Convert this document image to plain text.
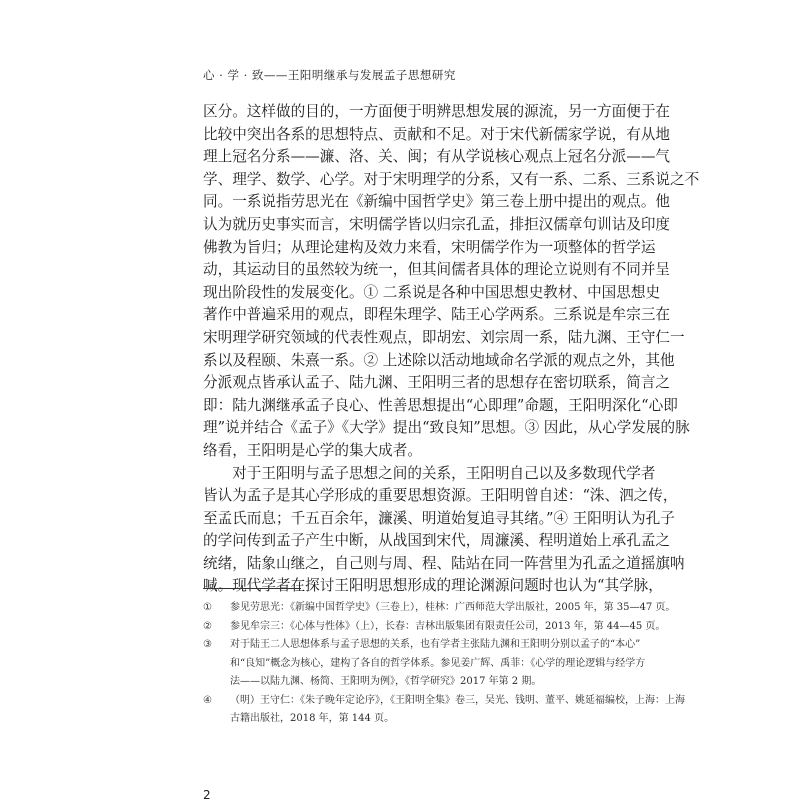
心 · 学 · 致——王阳明继承与发展孟子思想研究
区分。这样做的目的，一方面便于明辨思想发展的源流，另一方面便于在
比较中突出各系的思想特点、贡献和不足。对于宋代新儒家学说，有从地
理上冠名分系——濂、洛、关、闽；有从学说核心观点上冠名分派——气
学、理学、数学、心学。对于宋明理学的分系，又有一系、二系、三系说之不
同。一系说指劳思光在《新编中国哲学史》第三卷上册中提出的观点。他
认为就历史事实而言，宋明儒学皆以归宗孔孟，排拒汉儒章句训诂及印度
佛教为旨归；从理论建构及效力来看，宋明儒学作为一项整体的哲学运
动，其运动目的虽然较为统一，但其间儒者具体的理论立说则有不同并呈
现出阶段性的发展变化。① 二系说是各种中国思想史教材、中国思想史
著作中普遍采用的观点，即程朱理学、陆王心学两系。三系说是牟宗三在
宋明理学研究领域的代表性观点，即胡宏、刘宗周一系，陆九渊、王守仁一
系以及程颐、朱熹一系。② 上述除以活动地域命名学派的观点之外，其他
分派观点皆承认孟子、陆九渊、王阳明三者的思想存在密切联系，简言之
即：陆九渊继承孟子良心、性善思想提出“心即理”命题，王阳明深化“心即
理”说并结合《孟子》《大学》提出“致良知”思想。③ 因此，从心学发展的脉
络看，王阳明是心学的集大成者。
　　对于王阳明与孟子思想之间的关系，王阳明自己以及多数现代学者
皆认为孟子是其心学形成的重要思想资源。王阳明曾自述：“洙、泗之传，
至孟氏而息；千五百余年，濂溪、明道始复追寻其绪。”④ 王阳明认为孔子
的学问传到孟子产生中断，从战国到宋代，周濂溪、程明道始上承孔孟之
统绪，陆象山继之，自己则与周、程、陆站在同一阵营里为孔孟之道摇旗呐
喊。现代学者在探讨王阳明思想形成的理论渊源问题时也认为“其学脉，
① 参见劳思光：《新编中国哲学史》（三卷上），桂林：广西师范大学出版社，2005 年，第 35—47 页。
② 参见牟宗三：《心体与性体》（上），长春：吉林出版集团有限责任公司，2013 年，第 44—45 页。
③ 对于陆王二人思想体系与孟子思想的关系，也有学者主张陆九渊和王阳明分别以孟子的“本心”
和“良知”概念为核心，建构了各自的哲学体系。参见姜广辉、禹菲：《心学的理论逻辑与经学方
法——以陆九渊、杨简、王阳明为例》，《哲学研究》2017 年第 2 期。
④ （明）王守仁：《朱子晚年定论序》，《王阳明全集》卷三，吴光、钱明、董平、姚延福编校，上海：上海
古籍出版社，2018 年，第 144 页。
2
